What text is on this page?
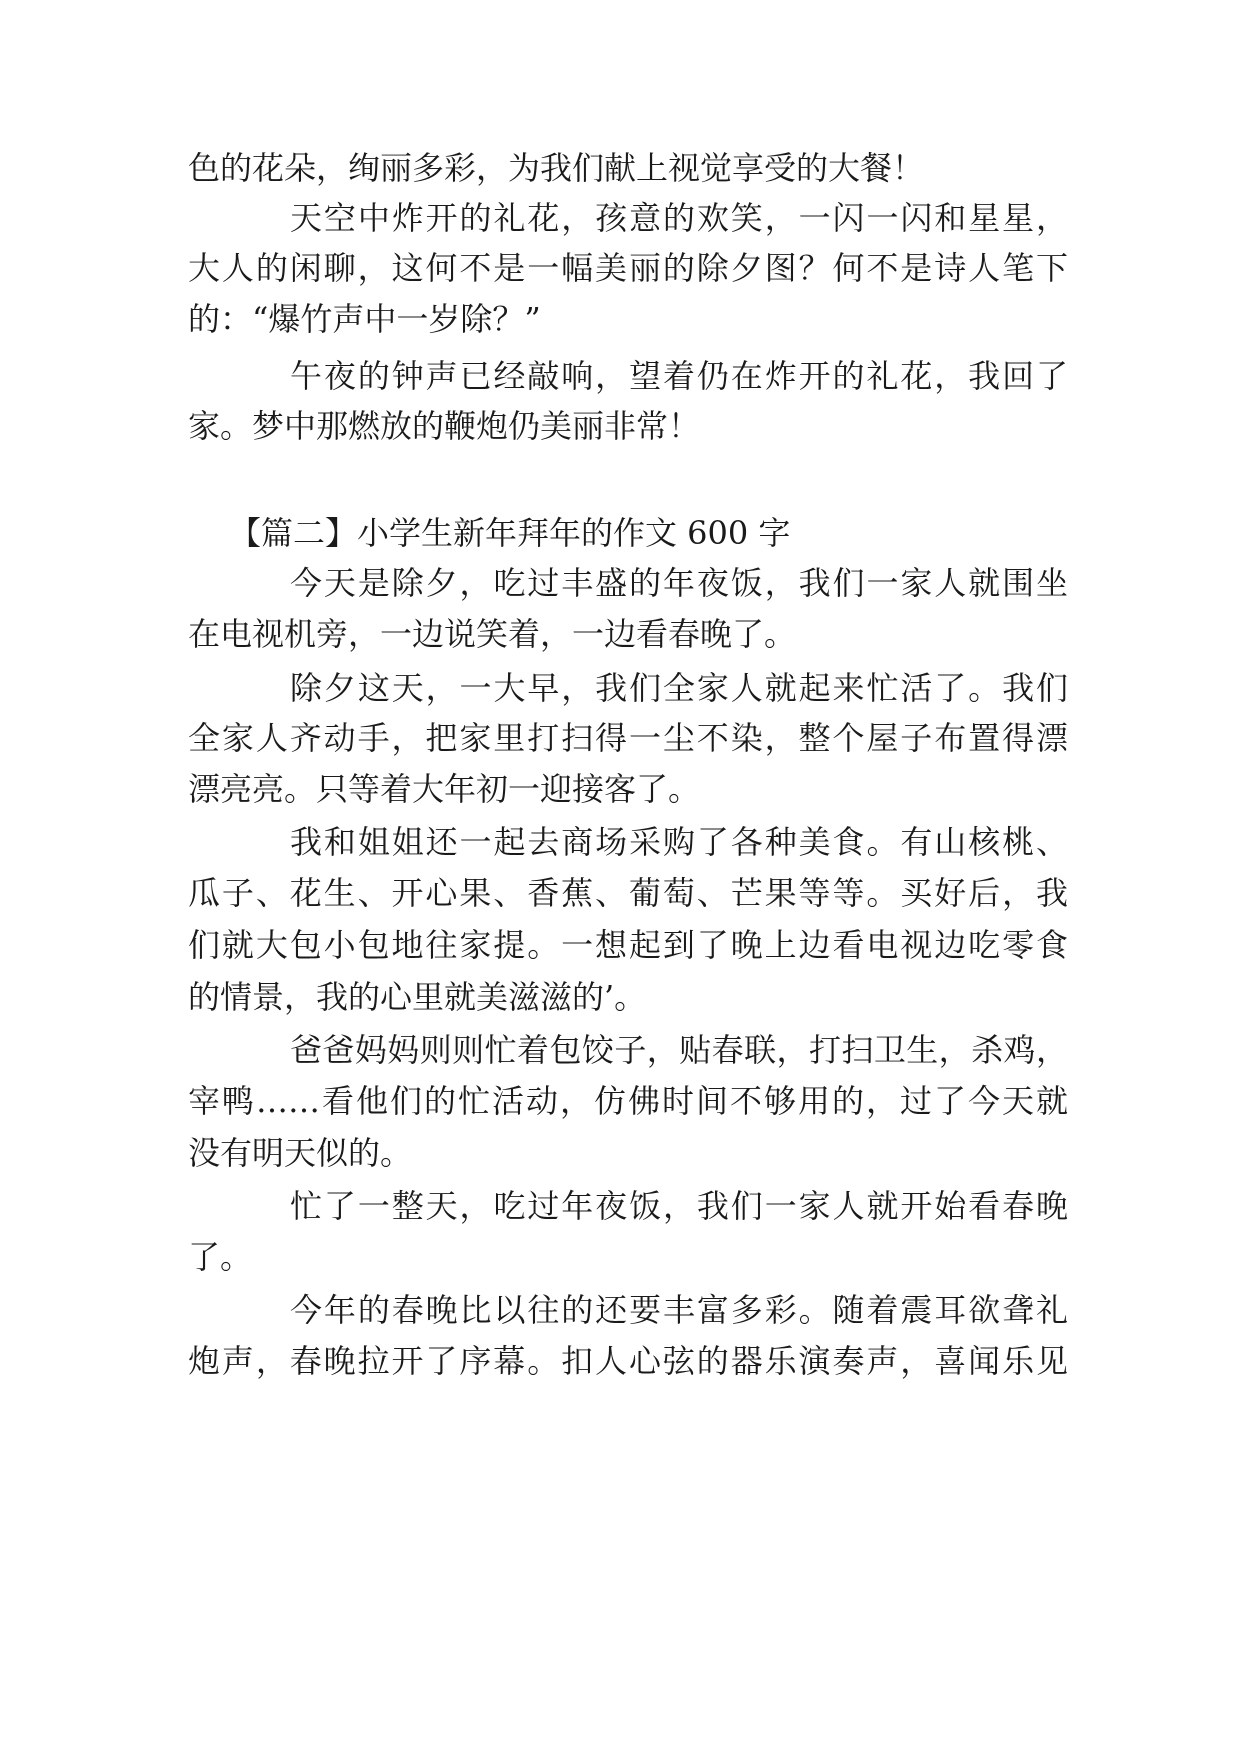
色的花朵，绚丽多彩，为我们献上视觉享受的大餐！
天空中炸开的礼花，孩意的欢笑，一闪一闪和星星，
大人的闲聊，这何不是一幅美丽的除夕图？何不是诗人笔下
的：“爆竹声中一岁除？”
午夜的钟声已经敲响，望着仍在炸开的礼花，我回了
家。梦中那燃放的鞭炮仍美丽非常！
【篇二】小学生新年拜年的作文 600 字
今天是除夕，吃过丰盛的年夜饭，我们一家人就围坐
在电视机旁，一边说笑着，一边看春晚了。
除夕这天，一大早，我们全家人就起来忙活了。我们
全家人齐动手，把家里打扫得一尘不染，整个屋子布置得漂
漂亮亮。只等着大年初一迎接客了。
我和姐姐还一起去商场采购了各种美食。有山核桃、
瓜子、花生、开心果、香蕉、葡萄、芒果等等。买好后，我
们就大包小包地往家提。一想起到了晚上边看电视边吃零食
的情景，我的心里就美滋滋的’。
爸爸妈妈则则忙着包饺子，贴春联，打扫卫生，杀鸡，
宰鸭……看他们的忙活动，仿佛时间不够用的，过了今天就
没有明天似的。
忙了一整天，吃过年夜饭，我们一家人就开始看春晚
了。
今年的春晚比以往的还要丰富多彩。随着震耳欲聋礼
炮声，春晚拉开了序幕。扣人心弦的器乐演奏声，喜闻乐见
